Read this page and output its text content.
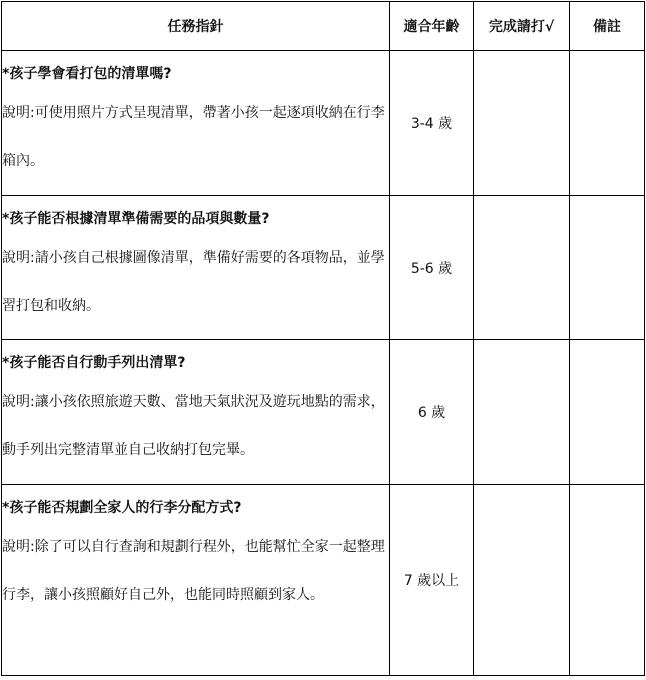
任務指針	適合年齡	完成請打√	備註

*孩子學會看打包的清單嗎?
說明:可使用照片方式呈現清單，帶著小孩一起逐項收納在行李箱內。	3-4 歲		

*孩子能否根據清單準備需要的品項與數量?
說明:請小孩自己根據圖像清單，準備好需要的各項物品，並學習打包和收納。	5-6 歲		

*孩子能否自行動手列出清單?
說明:讓小孩依照旅遊天數、當地天氣狀況及遊玩地點的需求，動手列出完整清單並自己收納打包完畢。	6 歲		

*孩子能否規劃全家人的行李分配方式?
說明:除了可以自行查詢和規劃行程外，也能幫忙全家一起整理行李，讓小孩照顧好自己外，也能同時照顧到家人。	7 歲以上		
